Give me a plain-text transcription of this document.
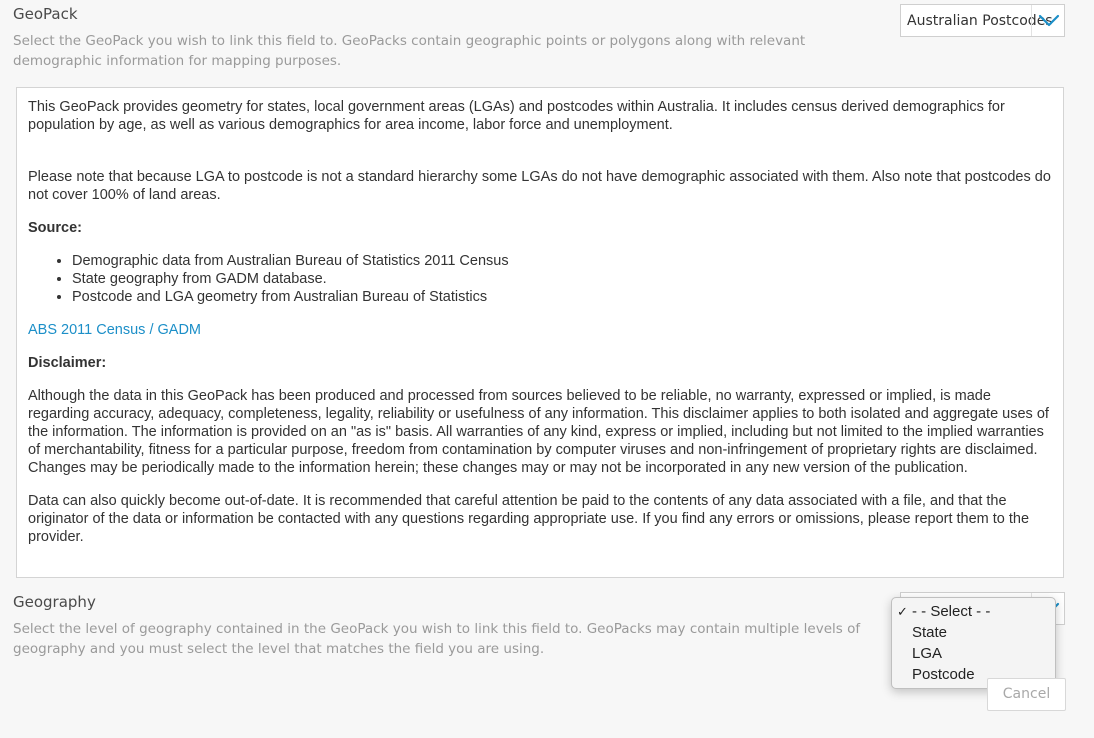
GeoPack
Select the GeoPack you wish to link this field to. GeoPacks contain geographic points or polygons along with relevant demographic information for mapping purposes.
Australian Postcodes

This GeoPack provides geometry for states, local government areas (LGAs) and postcodes within Australia. It includes census derived demographics for population by age, as well as various demographics for area income, labor force and unemployment.

Please note that because LGA to postcode is not a standard hierarchy some LGAs do not have demographic associated with them. Also note that postcodes do not cover 100% of land areas.

Source:

• Demographic data from Australian Bureau of Statistics 2011 Census
• State geography from GADM database.
• Postcode and LGA geometry from Australian Bureau of Statistics
ABS 2011 Census / GADM

Disclaimer:

Although the data in this GeoPack has been produced and processed from sources believed to be reliable, no warranty, expressed or implied, is made regarding accuracy, adequacy, completeness, legality, reliability or usefulness of any information. This disclaimer applies to both isolated and aggregate uses of the information. The information is provided on an "as is" basis. All warranties of any kind, express or implied, including but not limited to the implied warranties of merchantability, fitness for a particular purpose, freedom from contamination by computer viruses and non-infringement of proprietary rights are disclaimed. Changes may be periodically made to the information herein; these changes may or may not be incorporated in any new version of the publication.

Data can also quickly become out-of-date. It is recommended that careful attention be paid to the contents of any data associated with a file, and that the originator of the data or information be contacted with any questions regarding appropriate use. If you find any errors or omissions, please report them to the provider.

Geography
Select the level of geography contained in the GeoPack you wish to link this field to. GeoPacks may contain multiple levels of geography and you must select the level that matches the field you are using.
✓ - - Select - -
State
LGA
Postcode
Cancel
